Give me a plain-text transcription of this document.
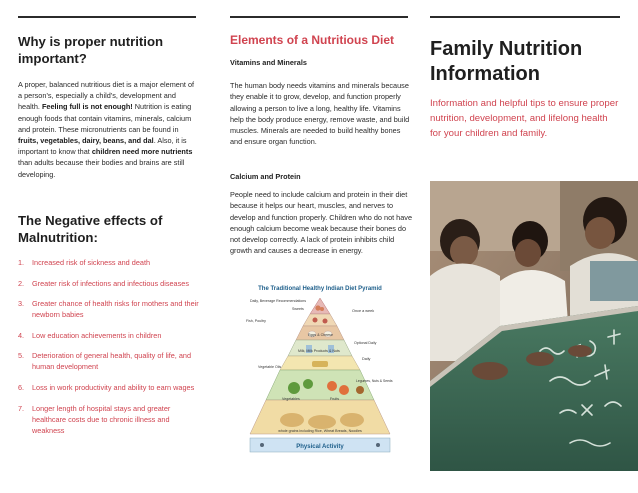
Why is proper nutrition important?

A proper, balanced nutritious diet is a major element of a person’s, especially a child’s, development and health. Feeling full is not enough! Nutrition is eating enough foods that contain vitamins, minerals, calcium and protein. These micronutrients can be found in fruits, vegetables, dairy, beans, and dal. Also, it is important to know that children need more nutrients than adults because their bodies and brains are still developing.

The Negative effects of Malnutrition:
1. Increased risk of sickness and death
2. Greater risk of infections and infectious diseases
3. Greater chance of health risks for mothers and their newborn babies
4. Low education achievements in children
5. Deterioration of general health, quality of life, and human development
6. Loss in work productivity and ability to earn wages
7. Longer length of hospital stays and greater healthcare costs due to chronic illness and weakness
Elements of a Nutritious Diet
Vitamins and Minerals

The human body needs vitamins and minerals because they enable it to grow, develop, and function properly allowing a person to live a long, healthy life. Vitamins help the body produce energy, remove waste, and build muscles. Minerals are needed to build healthy bones and ensure organ function.

Calcium and Protein

People need to include calcium and protein in their diet because it helps our heart, muscles, and nerves to develop and function properly. Children who do not have enough calcium become weak because their bones do not develop correctly. A lack of protein inhibits child growth and causes a decrease in energy.

The Traditional Healthy Indian Diet Pyramid
Daily, Beverage Recommendations
Sweets	Once a week
Fish, Poultry
Eggs & Cheese
Optional Daily
Milk, Milk Products & Nuts
Daily
Vegetable Oils
Vegetables	Fruits
Legumes, Nuts & Seeds
whole grains including Rice, Wheat Breads, Noodles
Physical Activity
Family Nutrition
Information

Information and helpful tips to ensure proper nutrition, development, and lifelong health for your children and family.
